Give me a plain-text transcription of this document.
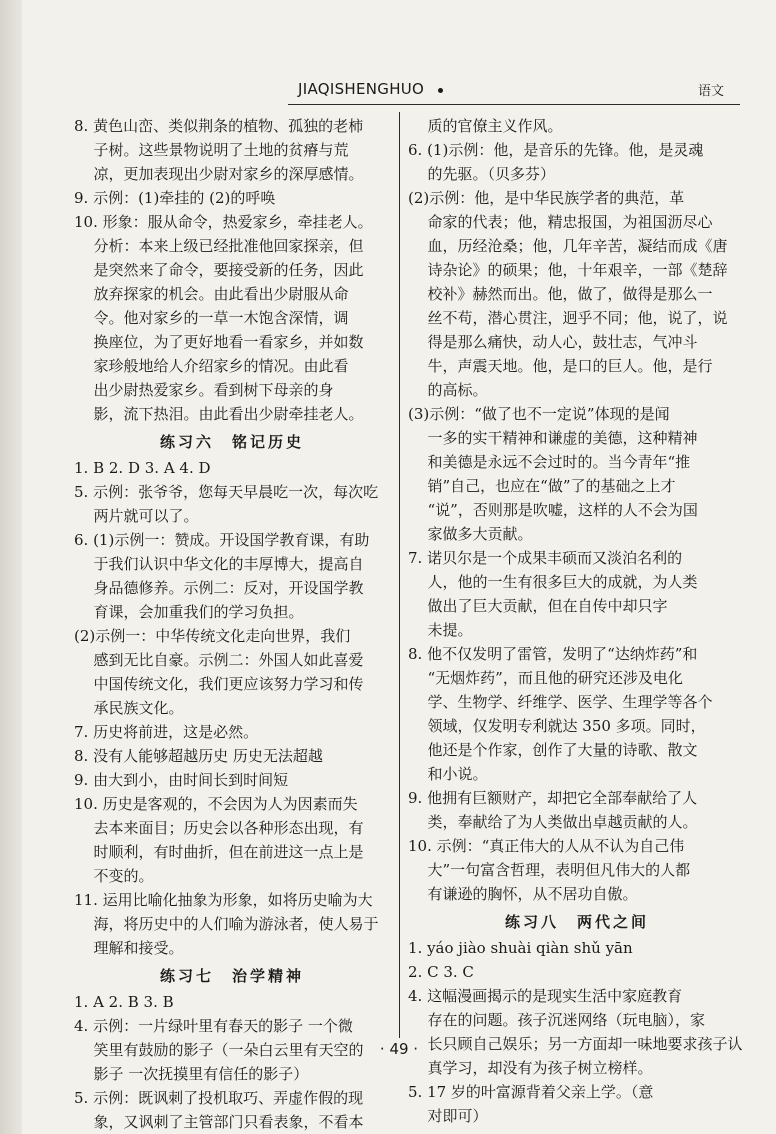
JIAQISHENGHUO	语文

8. 黄色山峦、类似荆条的植物、孤独的老柿

子树。这些景物说明了土地的贫瘠与荒

凉，更加表现出少尉对家乡的深厚感情。

9. 示例：(1)牵挂的 (2)的呼唤

10. 形象：服从命令，热爱家乡，牵挂老人。

分析：本来上级已经批准他回家探亲，但

是突然来了命令，要接受新的任务，因此

放弃探家的机会。由此看出少尉服从命

令。他对家乡的一草一木饱含深情，调

换座位，为了更好地看一看家乡，并如数

家珍般地给人介绍家乡的情况。由此看

出少尉热爱家乡。看到树下母亲的身

影，流下热泪。由此看出少尉牵挂老人。

练习六　铭记历史

1. B 2. D 3. A 4. D

5. 示例：张爷爷，您每天早晨吃一次，每次吃

两片就可以了。

6. (1)示例一：赞成。开设国学教育课，有助

于我们认识中华文化的丰厚博大，提高自

身品德修养。示例二：反对，开设国学教

育课，会加重我们的学习负担。

(2)示例一：中华传统文化走向世界，我们

感到无比自豪。示例二：外国人如此喜爱

中国传统文化，我们更应该努力学习和传

承民族文化。

7. 历史将前进，这是必然。

8. 没有人能够超越历史 历史无法超越

9. 由大到小，由时间长到时间短

10. 历史是客观的，不会因为人为因素而失

去本来面目；历史会以各种形态出现，有

时顺利，有时曲折，但在前进这一点上是

不变的。

11. 运用比喻化抽象为形象，如将历史喻为大

海，将历史中的人们喻为游泳者，使人易于

理解和接受。

练习七　治学精神

1. A 2. B 3. B

4. 示例：一片绿叶里有春天的影子 一个微

笑里有鼓励的影子（一朵白云里有天空的

影子 一次抚摸里有信任的影子）

5. 示例：既讽刺了投机取巧、弄虚作假的现

象，又讽刺了主管部门只看表象，不看本

质的官僚主义作风。

6. (1)示例：他，是音乐的先锋。他，是灵魂

的先驱。（贝多芬）

(2)示例：他，是中华民族学者的典范，革

命家的代表；他，精忠报国，为祖国沥尽心

血，历经沧桑；他，几年辛苦，凝结而成《唐

诗杂论》的硕果；他，十年艰辛，一部《楚辞

校补》赫然而出。他，做了，做得是那么一

丝不苟，潜心贯注，迥乎不同；他，说了，说

得是那么痛快，动人心，鼓壮志，气冲斗

牛，声震天地。他，是口的巨人。他，是行

的高标。

(3)示例：“做了也不一定说”体现的是闻

一多的实干精神和谦虚的美德，这种精神

和美德是永远不会过时的。当今青年“推

销”自己，也应在“做”了的基础之上才

“说”，否则那是吹嘘，这样的人不会为国

家做多大贡献。

7. 诺贝尔是一个成果丰硕而又淡泊名利的

人，他的一生有很多巨大的成就，为人类

做出了巨大贡献，但在自传中却只字

未提。

8. 他不仅发明了雷管，发明了“达纳炸药”和

“无烟炸药”，而且他的研究还涉及电化

学、生物学、纤维学、医学、生理学等各个

领域，仅发明专利就达 350 多项。同时，

他还是个作家，创作了大量的诗歌、散文

和小说。

9. 他拥有巨额财产，却把它全部奉献给了人

类，奉献给了为人类做出卓越贡献的人。

10. 示例：“真正伟大的人从不认为自己伟

大”一句富含哲理，表明但凡伟大的人都

有谦逊的胸怀，从不居功自傲。

练习八　两代之间

1. yáo jiào shuài qiàn shǔ yān

2. C 3. C

4. 这幅漫画揭示的是现实生活中家庭教育

存在的问题。孩子沉迷网络（玩电脑），家

长只顾自己娱乐；另一方面却一味地要求孩子认

真学习，却没有为孩子树立榜样。

5. 17 岁的叶富源背着父亲上学。（意

对即可）

· 49 ·
